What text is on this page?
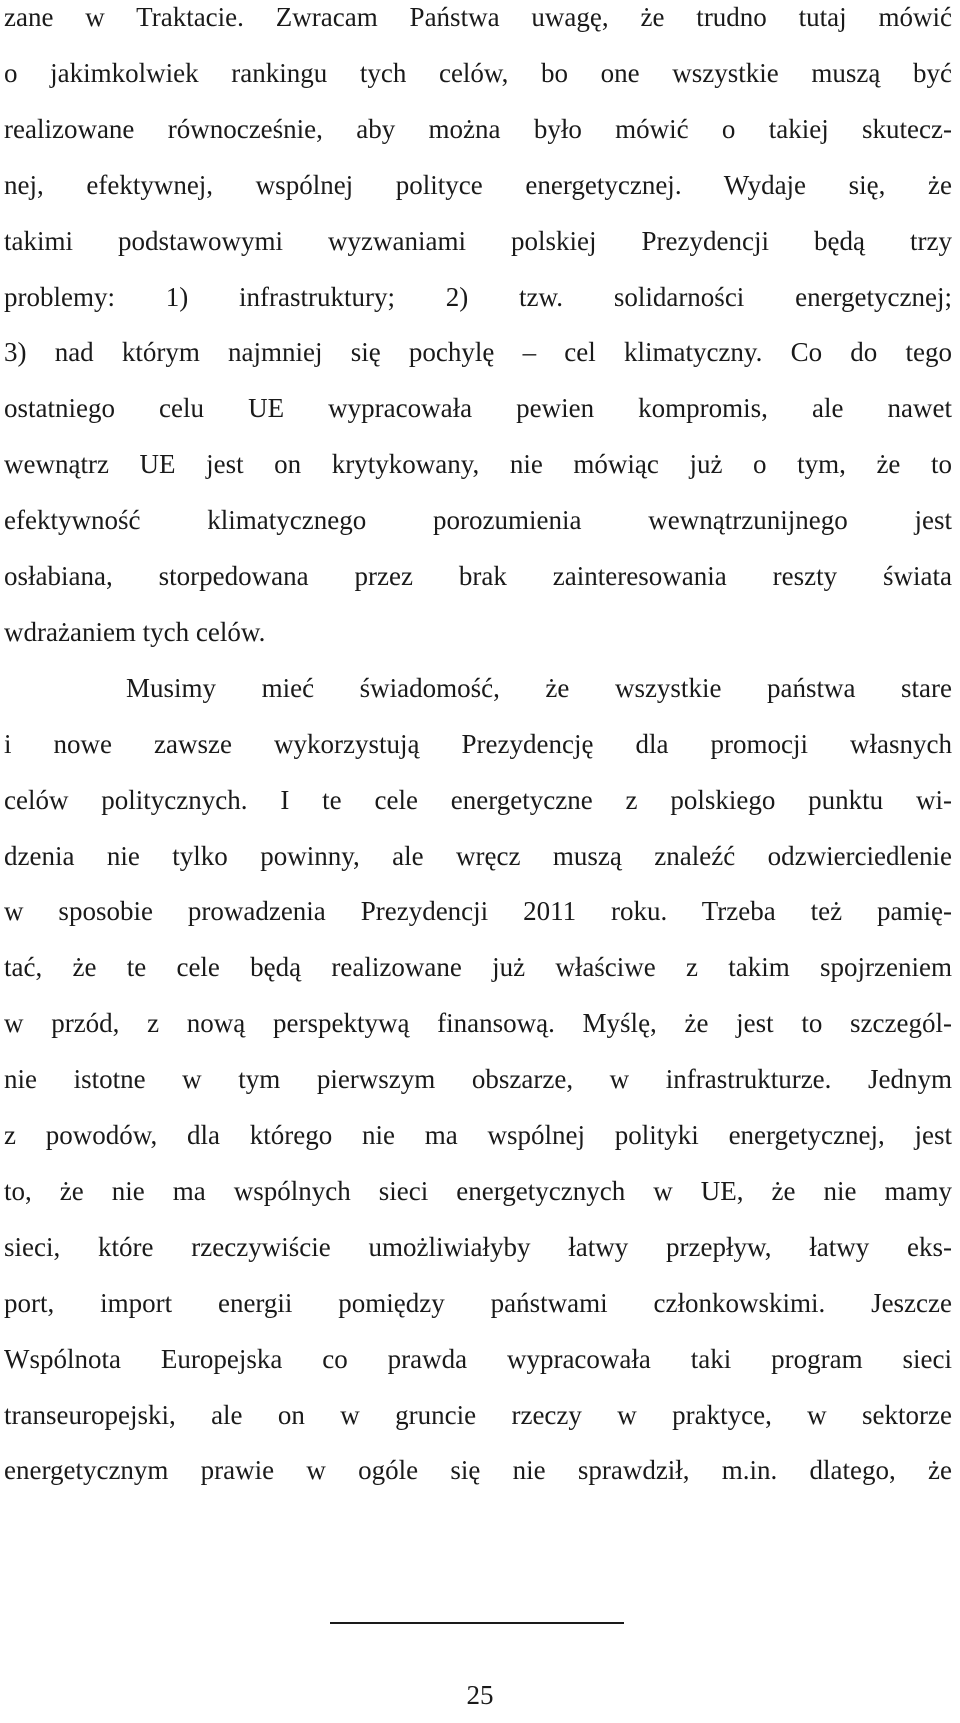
zane w Traktacie. Zwracam Państwa uwagę, że trudno tutaj mówić
o jakimkolwiek rankingu tych celów, bo one wszystkie muszą być
realizowane równocześnie, aby można było mówić o takiej skutecz-
nej, efektywnej, wspólnej polityce energetycznej. Wydaje się, że
takimi podstawowymi wyzwaniami polskiej Prezydencji będą trzy
problemy: 1) infrastruktury; 2) tzw. solidarności energetycznej;
3) nad którym najmniej się pochylę – cel klimatyczny. Co do tego
ostatniego celu UE wypracowała pewien kompromis, ale nawet
wewnątrz UE jest on krytykowany, nie mówiąc już o tym, że to
efektywność klimatycznego porozumienia wewnątrzunijnego jest
osłabiana, storpedowana przez brak zainteresowania reszty świata
wdrażaniem tych celów.
Musimy mieć świadomość, że wszystkie państwa stare
i nowe zawsze wykorzystują Prezydencję dla promocji własnych
celów politycznych. I te cele energetyczne z polskiego punktu wi-
dzenia nie tylko powinny, ale wręcz muszą znaleźć odzwierciedlenie
w sposobie prowadzenia Prezydencji 2011 roku. Trzeba też pamię-
tać, że te cele będą realizowane już właściwe z takim spojrzeniem
w przód, z nową perspektywą finansową. Myślę, że jest to szczegól-
nie istotne w tym pierwszym obszarze, w infrastrukturze. Jednym
z powodów, dla którego nie ma wspólnej polityki energetycznej, jest
to, że nie ma wspólnych sieci energetycznych w UE, że nie mamy
sieci, które rzeczywiście umożliwiałyby łatwy przepływ, łatwy eks-
port, import energii pomiędzy państwami członkowskimi. Jeszcze
Wspólnota Europejska co prawda wypracowała taki program sieci
transeuropejski, ale on w gruncie rzeczy w praktyce, w sektorze
energetycznym prawie w ogóle się nie sprawdził, m.in. dlatego, że
25
